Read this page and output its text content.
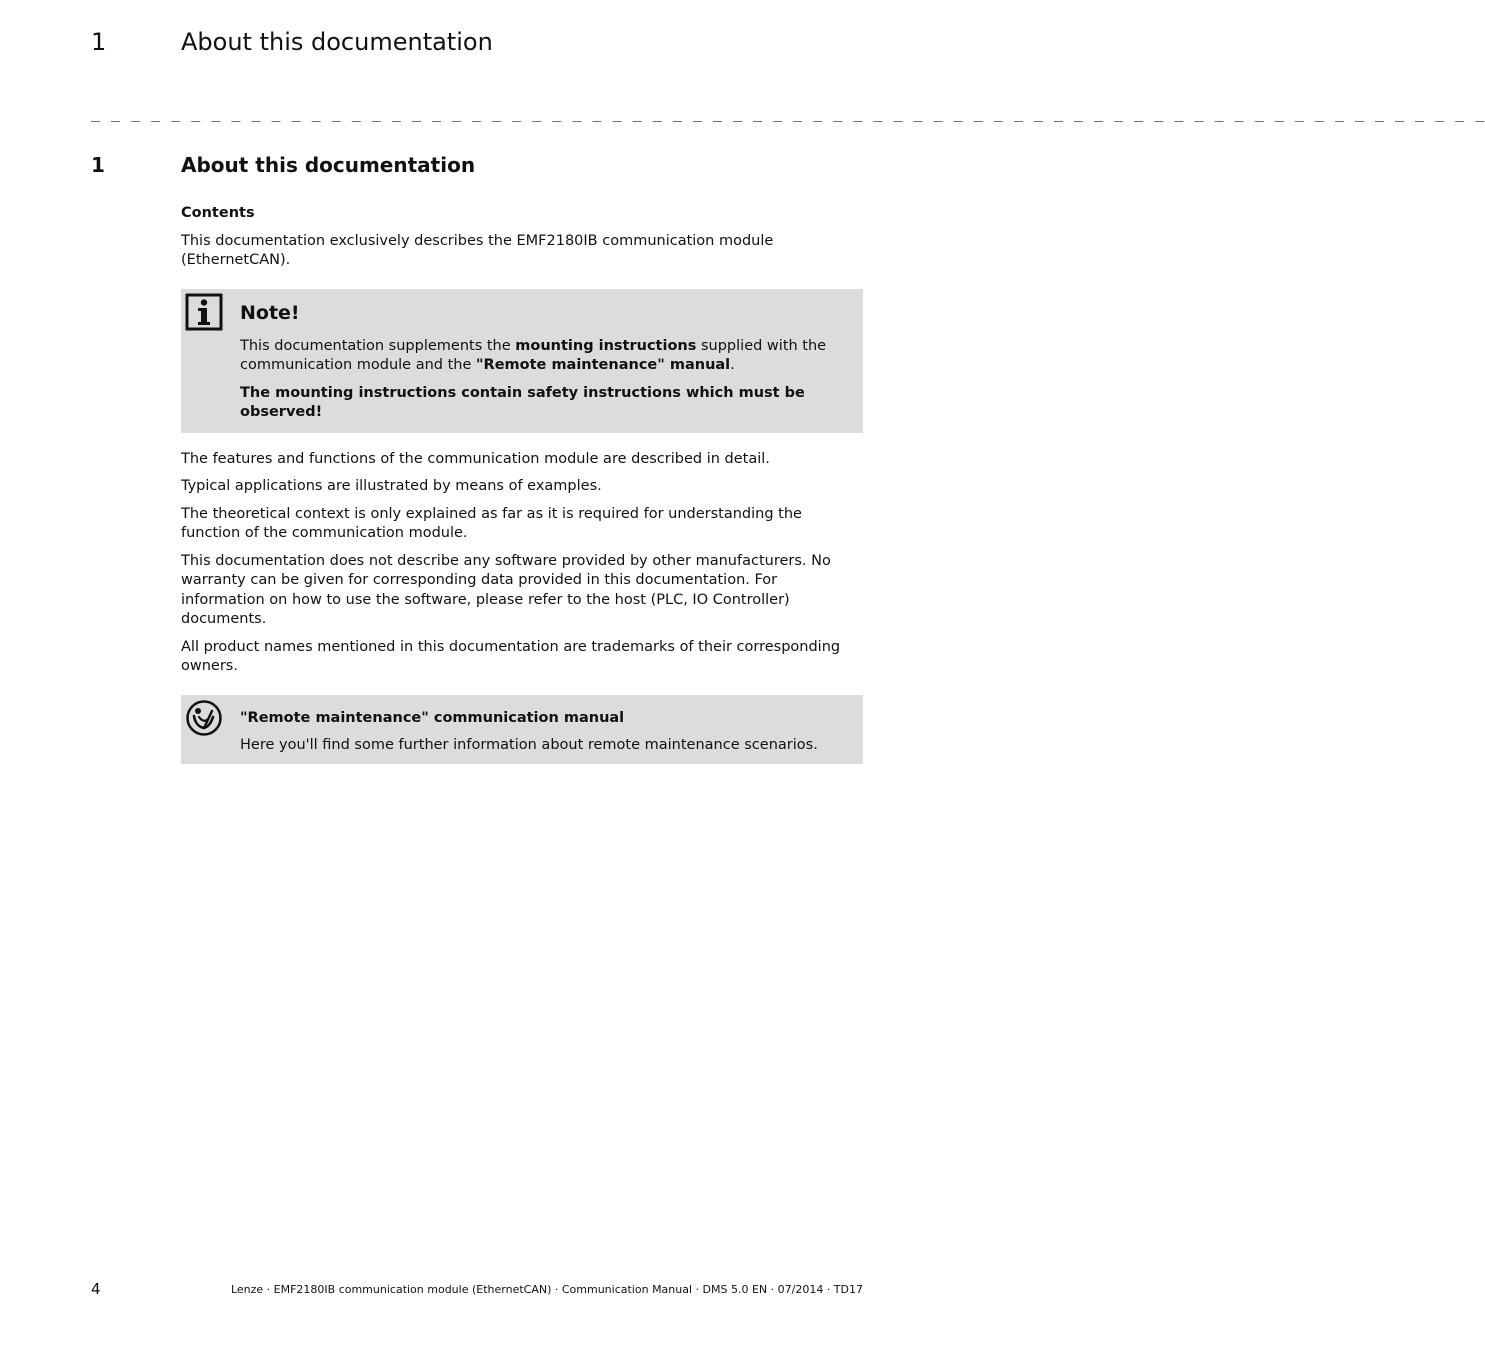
1	About this documentation
_ _ _ _ _ _ _ _ _ _ _ _ _ _ _ _ _ _ _ _ _ _ _ _ _ _ _ _ _ _ _ _ _ _ _ _ _ _ _ _ _ _ _ _ _ _ _ _ _ _ _ _ _ _ _ _ _ _ _ _ _ _ _ _ _ _ _ _ _ _
1	About this documentation

Contents

This documentation exclusively describes the EMF2180IB communication module (EthernetCAN).

Note!

This documentation supplements the mounting instructions supplied with the communication module and the "Remote maintenance" manual.

The mounting instructions contain safety instructions which must be observed!

The features and functions of the communication module are described in detail.

Typical applications are illustrated by means of examples.

The theoretical context is only explained as far as it is required for understanding the function of the communication module.

This documentation does not describe any software provided by other manufacturers. No warranty can be given for corresponding data provided in this documentation. For information on how to use the software, please refer to the host (PLC, IO Controller) documents.

All product names mentioned in this documentation are trademarks of their corresponding owners.

"Remote maintenance" communication manual

Here you'll find some further information about remote maintenance scenarios.

4	Lenze · EMF2180IB communication module (EthernetCAN) · Communication Manual · DMS 5.0 EN · 07/2014 · TD17
